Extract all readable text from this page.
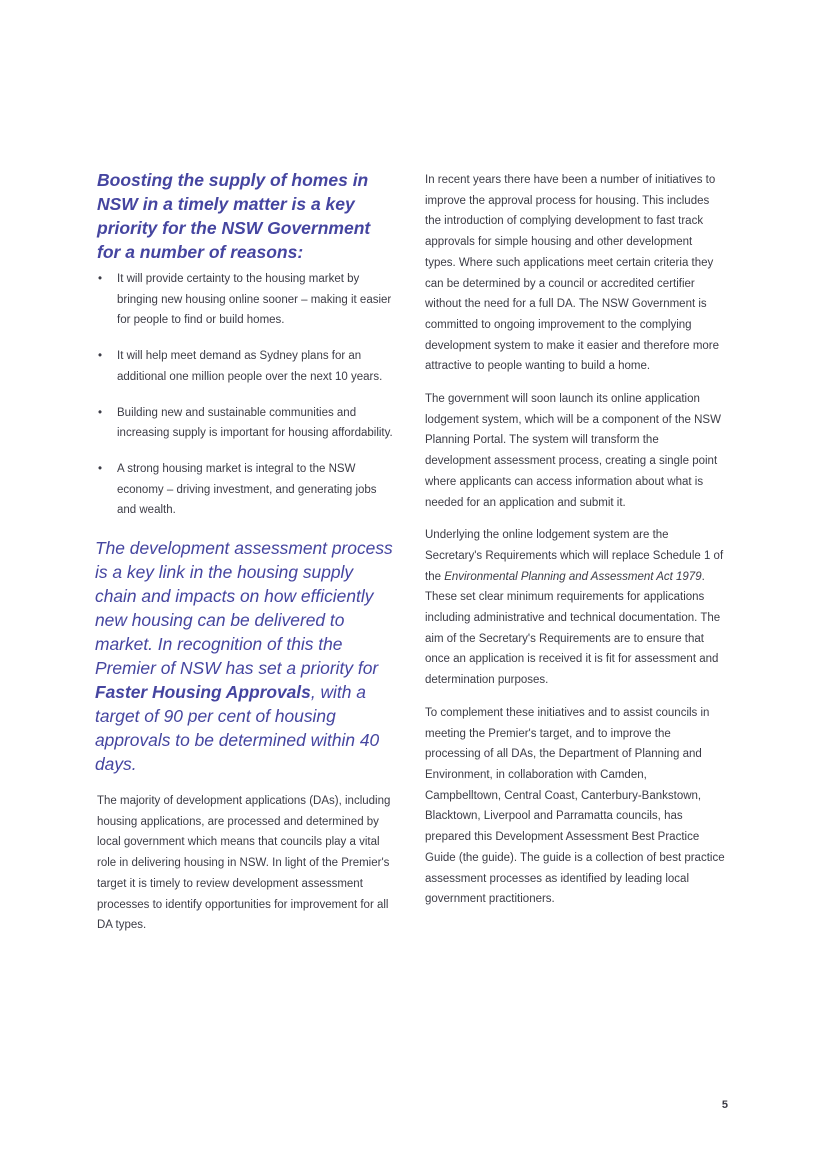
Boosting the supply of homes in NSW in a timely matter is a key priority for the NSW Government for a number of reasons:
• It will provide certainty to the housing market by bringing new housing online sooner – making it easier for people to find or build homes.
• It will help meet demand as Sydney plans for an additional one million people over the next 10 years.
• Building new and sustainable communities and increasing supply is important for housing affordability.
• A strong housing market is integral to the NSW economy – driving investment, and generating jobs and wealth.

The development assessment process is a key link in the housing supply chain and impacts on how efficiently new housing can be delivered to market. In recognition of this the Premier of NSW has set a priority for Faster Housing Approvals, with a target of 90 per cent of housing approvals to be determined within 40 days.

The majority of development applications (DAs), including housing applications, are processed and determined by local government which means that councils play a vital role in delivering housing in NSW. In light of the Premier's target it is timely to review development assessment processes to identify opportunities for improvement for all DA types.

In recent years there have been a number of initiatives to improve the approval process for housing. This includes the introduction of complying development to fast track approvals for simple housing and other development types. Where such applications meet certain criteria they can be determined by a council or accredited certifier without the need for a full DA. The NSW Government is committed to ongoing improvement to the complying development system to make it easier and therefore more attractive to people wanting to build a home.

The government will soon launch its online application lodgement system, which will be a component of the NSW Planning Portal. The system will transform the development assessment process, creating a single point where applicants can access information about what is needed for an application and submit it.

Underlying the online lodgement system are the Secretary's Requirements which will replace Schedule 1 of the Environmental Planning and Assessment Act 1979. These set clear minimum requirements for applications including administrative and technical documentation. The aim of the Secretary's Requirements are to ensure that once an application is received it is fit for assessment and determination purposes.

To complement these initiatives and to assist councils in meeting the Premier's target, and to improve the processing of all DAs, the Department of Planning and Environment, in collaboration with Camden, Campbelltown, Central Coast, Canterbury-Bankstown, Blacktown, Liverpool and Parramatta councils, has prepared this Development Assessment Best Practice Guide (the guide). The guide is a collection of best practice assessment processes as identified by leading local government practitioners.

5
